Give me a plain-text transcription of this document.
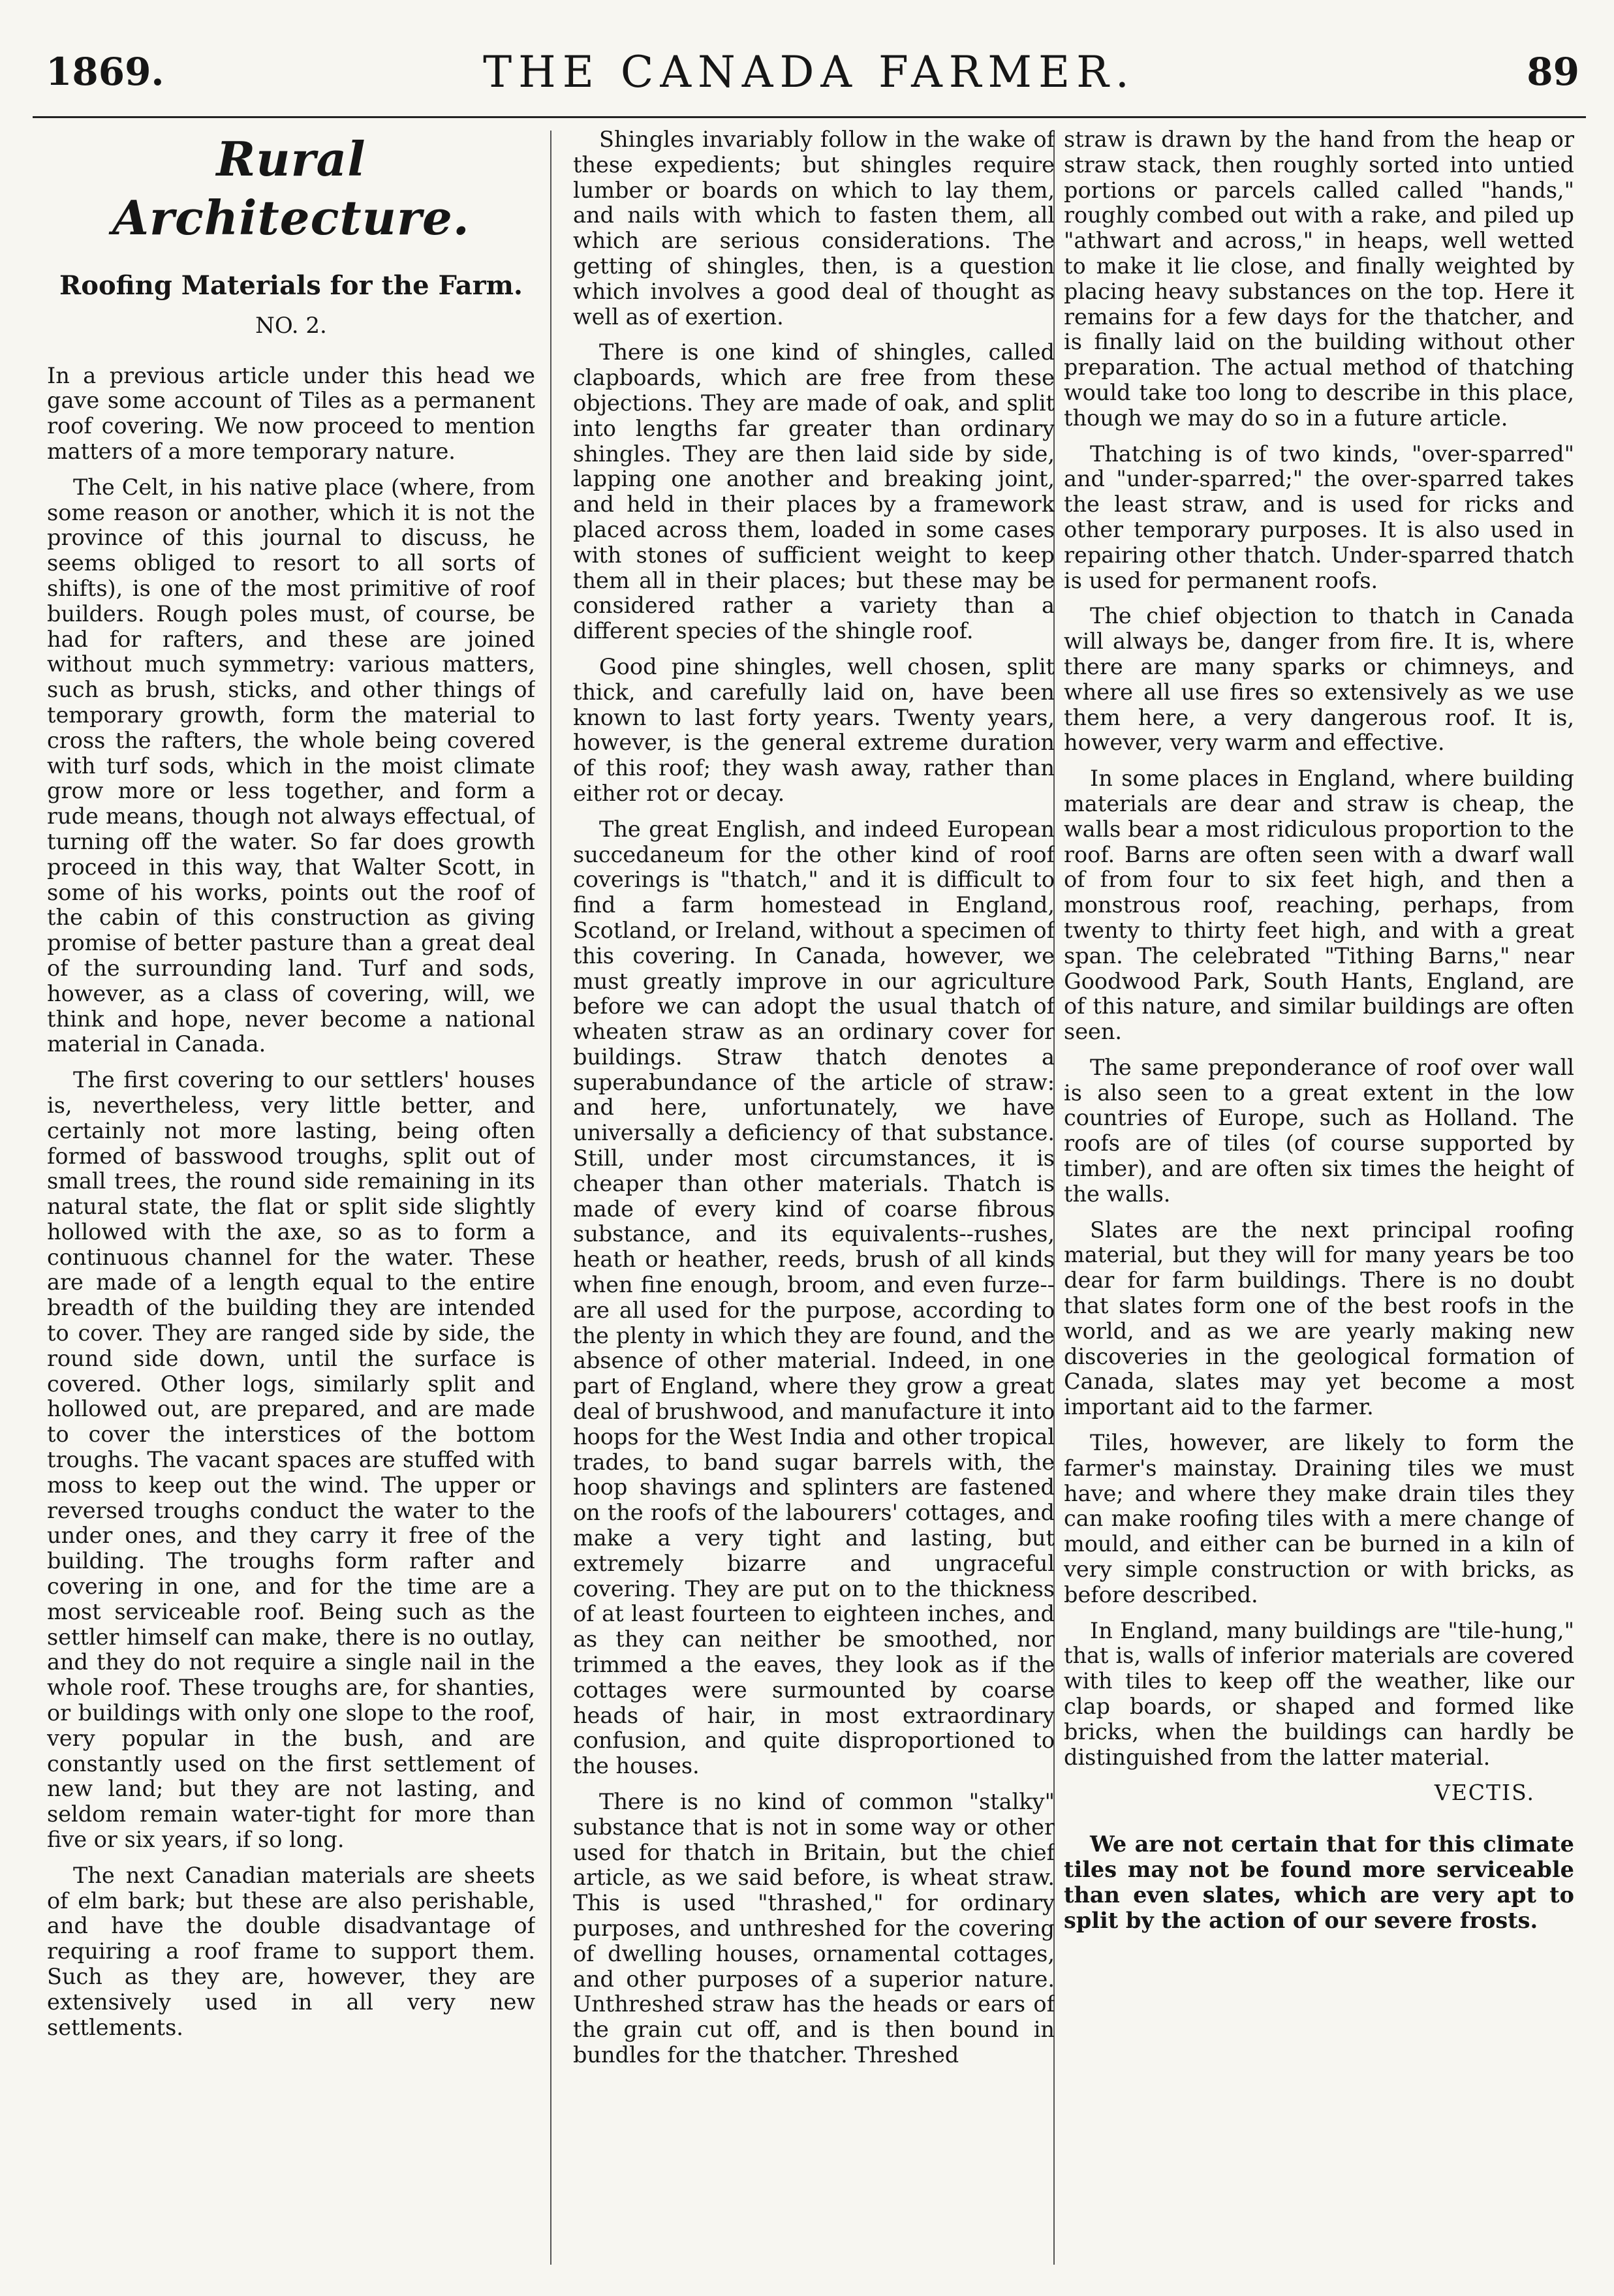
1869.	THE CANADA FARMER.	89
Rural Architecture.
Roofing Materials for the Farm.
NO. 2.

In a previous article under this head we gave some account of Tiles as a permanent roof covering. We now proceed to mention matters of a more temporary nature.

The Celt, in his native place (where, from some reason or another, which it is not the province of this journal to discuss, he seems obliged to resort to all sorts of shifts), is one of the most primitive of roof builders. Rough poles must, of course, be had for rafters, and these are joined without much symmetry: various matters, such as brush, sticks, and other things of temporary growth, form the material to cross the rafters, the whole being covered with turf sods, which in the moist climate grow more or less together, and form a rude means, though not always effectual, of turning off the water. So far does growth proceed in this way, that Walter Scott, in some of his works, points out the roof of the cabin of this construction as giving promise of better pasture than a great deal of the surrounding land. Turf and sods, however, as a class of covering, will, we think and hope, never become a national material in Canada.

The first covering to our settlers' houses is, nevertheless, very little better, and certainly not more lasting, being often formed of basswood troughs, split out of small trees, the round side remaining in its natural state, the flat or split side slightly hollowed with the axe, so as to form a continuous channel for the water. These are made of a length equal to the entire breadth of the building they are intended to cover. They are ranged side by side, the round side down, until the surface is covered. Other logs, similarly split and hollowed out, are prepared, and are made to cover the interstices of the bottom troughs. The vacant spaces are stuffed with moss to keep out the wind. The upper or reversed troughs conduct the water to the under ones, and they carry it free of the building. The troughs form rafter and covering in one, and for the time are a most serviceable roof. Being such as the settler himself can make, there is no outlay, and they do not require a single nail in the whole roof. These troughs are, for shanties, or buildings with only one slope to the roof, very popular in the bush, and are constantly used on the first settlement of new land; but they are not lasting, and seldom remain water-tight for more than five or six years, if so long.

The next Canadian materials are sheets of elm bark; but these are also perishable, and have the double disadvantage of requiring a roof frame to support them. Such as they are, however, they are extensively used in all very new settlements.

Shingles invariably follow in the wake of these expedients; but shingles require lumber or boards on which to lay them, and nails with which to fasten them, all which are serious considerations. The getting of shingles, then, is a question which involves a good deal of thought as well as of exertion.

There is one kind of shingles, called clapboards, which are free from these objections. They are made of oak, and split into lengths far greater than ordinary shingles. They are then laid side by side, lapping one another and breaking joint, and held in their places by a framework placed across them, loaded in some cases with stones of sufficient weight to keep them all in their places; but these may be considered rather a variety than a different species of the shingle roof.

Good pine shingles, well chosen, split thick, and carefully laid on, have been known to last forty years. Twenty years, however, is the general extreme duration of this roof; they wash away, rather than either rot or decay.

The great English, and indeed European succedaneum for the other kind of roof coverings is "thatch," and it is difficult to find a farm homestead in England, Scotland, or Ireland, without a specimen of this covering. In Canada, however, we must greatly improve in our agriculture before we can adopt the usual thatch of wheaten straw as an ordinary cover for buildings. Straw thatch denotes a superabundance of the article of straw: and here, unfortunately, we have universally a deficiency of that substance. Still, under most circumstances, it is cheaper than other materials. Thatch is made of every kind of coarse fibrous substance, and its equivalents--rushes, heath or heather, reeds, brush of all kinds when fine enough, broom, and even furze--are all used for the purpose, according to the plenty in which they are found, and the absence of other material. Indeed, in one part of England, where they grow a great deal of brushwood, and manufacture it into hoops for the West India and other tropical trades, to band sugar barrels with, the hoop shavings and splinters are fastened on the roofs of the labourers' cottages, and make a very tight and lasting, but extremely bizarre and ungraceful covering. They are put on to the thickness of at least fourteen to eighteen inches, and as they can neither be smoothed, nor trimmed a the eaves, they look as if the cottages were surmounted by coarse heads of hair, in most extraordinary confusion, and quite disproportioned to the houses.

There is no kind of common "stalky" substance that is not in some way or other used for thatch in Britain, but the chief article, as we said before, is wheat straw. This is used "thrashed," for ordinary purposes, and unthreshed for the covering of dwelling houses, ornamental cottages, and other purposes of a superior nature. Unthreshed straw has the heads or ears of the grain cut off, and is then bound in bundles for the thatcher. Threshed

straw is drawn by the hand from the heap or straw stack, then roughly sorted into untied portions or parcels called called "hands," roughly combed out with a rake, and piled up "athwart and across," in heaps, well wetted to make it lie close, and finally weighted by placing heavy substances on the top. Here it remains for a few days for the thatcher, and is finally laid on the building without other preparation. The actual method of thatching would take too long to describe in this place, though we may do so in a future article.

Thatching is of two kinds, "over-sparred" and "under-sparred;" the over-sparred takes the least straw, and is used for ricks and other temporary purposes. It is also used in repairing other thatch. Under-sparred thatch is used for permanent roofs.

The chief objection to thatch in Canada will always be, danger from fire. It is, where there are many sparks or chimneys, and where all use fires so extensively as we use them here, a very dangerous roof. It is, however, very warm and effective.

In some places in England, where building materials are dear and straw is cheap, the walls bear a most ridiculous proportion to the roof. Barns are often seen with a dwarf wall of from four to six feet high, and then a monstrous roof, reaching, perhaps, from twenty to thirty feet high, and with a great span. The celebrated "Tithing Barns," near Goodwood Park, South Hants, England, are of this nature, and similar buildings are often seen.

The same preponderance of roof over wall is also seen to a great extent in the low countries of Europe, such as Holland. The roofs are of tiles (of course supported by timber), and are often six times the height of the walls.

Slates are the next principal roofing material, but they will for many years be too dear for farm buildings. There is no doubt that slates form one of the best roofs in the world, and as we are yearly making new discoveries in the geological formation of Canada, slates may yet become a most important aid to the farmer.

Tiles, however, are likely to form the farmer's mainstay. Draining tiles we must have; and where they make drain tiles they can make roofing tiles with a mere change of mould, and either can be burned in a kiln of very simple construction or with bricks, as before described.

In England, many buildings are "tile-hung," that is, walls of inferior materials are covered with tiles to keep off the weather, like our clap boards, or shaped and formed like bricks, when the buildings can hardly be distinguished from the latter material.

VECTIS.

We are not certain that for this climate tiles may not be found more serviceable than even slates, which are very apt to split by the action of our severe frosts.
